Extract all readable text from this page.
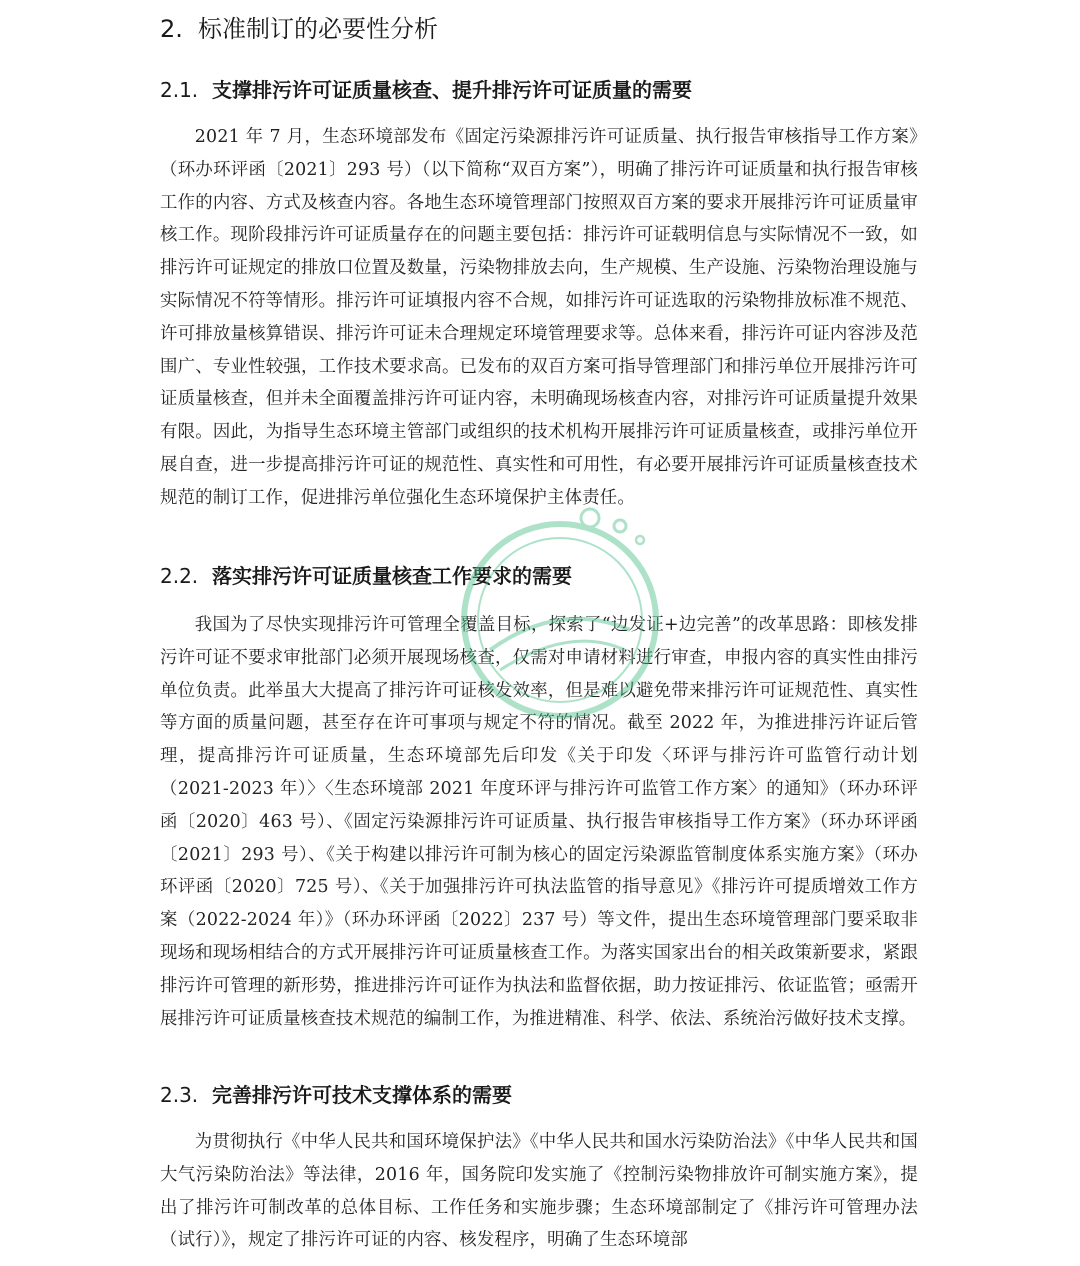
2. 标准制订的必要性分析
2.1. 支撑排污许可证质量核查、提升排污许可证质量的需要

2021 年 7 月，生态环境部发布《固定污染源排污许可证质量、执行报告审核指导工作方案》（环办环评函〔2021〕293 号）（以下简称“双百方案”），明确了排污许可证质量和执行报告审核工作的内容、方式及核查内容。各地生态环境管理部门按照双百方案的要求开展排污许可证质量审核工作。现阶段排污许可证质量存在的问题主要包括：排污许可证载明信息与实际情况不一致，如排污许可证规定的排放口位置及数量，污染物排放去向，生产规模、生产设施、污染物治理设施与实际情况不符等情形。排污许可证填报内容不合规，如排污许可证选取的污染物排放标准不规范、许可排放量核算错误、排污许可证未合理规定环境管理要求等。总体来看，排污许可证内容涉及范围广、专业性较强，工作技术要求高。已发布的双百方案可指导管理部门和排污单位开展排污许可证质量核查，但并未全面覆盖排污许可证内容，未明确现场核查内容，对排污许可证质量提升效果有限。因此，为指导生态环境主管部门或组织的技术机构开展排污许可证质量核查，或排污单位开展自查，进一步提高排污许可证的规范性、真实性和可用性，有必要开展排污许可证质量核查技术规范的制订工作，促进排污单位强化生态环境保护主体责任。

2.2. 落实排污许可证质量核查工作要求的需要

我国为了尽快实现排污许可管理全覆盖目标，探索了“边发证+边完善”的改革思路：即核发排污许可证不要求审批部门必须开展现场核查，仅需对申请材料进行审查，申报内容的真实性由排污单位负责。此举虽大大提高了排污许可证核发效率，但是难以避免带来排污许可证规范性、真实性等方面的质量问题，甚至存在许可事项与规定不符的情况。截至 2022 年，为推进排污许证后管理，提高排污许可证质量，生态环境部先后印发《关于印发〈环评与排污许可监管行动计划（2021-2023 年）〉〈生态环境部 2021 年度环评与排污许可监管工作方案〉的通知》（环办环评函〔2020〕463 号）、《固定污染源排污许可证质量、执行报告审核指导工作方案》（环办环评函〔2021〕293 号）、《关于构建以排污许可制为核心的固定污染源监管制度体系实施方案》（环办环评函〔2020〕725 号）、《关于加强排污许可执法监管的指导意见》《排污许可提质增效工作方案（2022-2024 年）》（环办环评函〔2022〕237 号）等文件，提出生态环境管理部门要采取非现场和现场相结合的方式开展排污许可证质量核查工作。为落实国家出台的相关政策新要求，紧跟排污许可管理的新形势，推进排污许可证作为执法和监督依据，助力按证排污、依证监管；亟需开展排污许可证质量核查技术规范的编制工作，为推进精准、科学、依法、系统治污做好技术支撑。

2.3. 完善排污许可技术支撑体系的需要

为贯彻执行《中华人民共和国环境保护法》《中华人民共和国水污染防治法》《中华人民共和国大气污染防治法》等法律，2016 年，国务院印发实施了《控制污染物排放许可制实施方案》，提出了排污许可制改革的总体目标、工作任务和实施步骤；生态环境部制定了《排污许可管理办法（试行）》，规定了排污许可证的内容、核发程序，明确了生态环境部
